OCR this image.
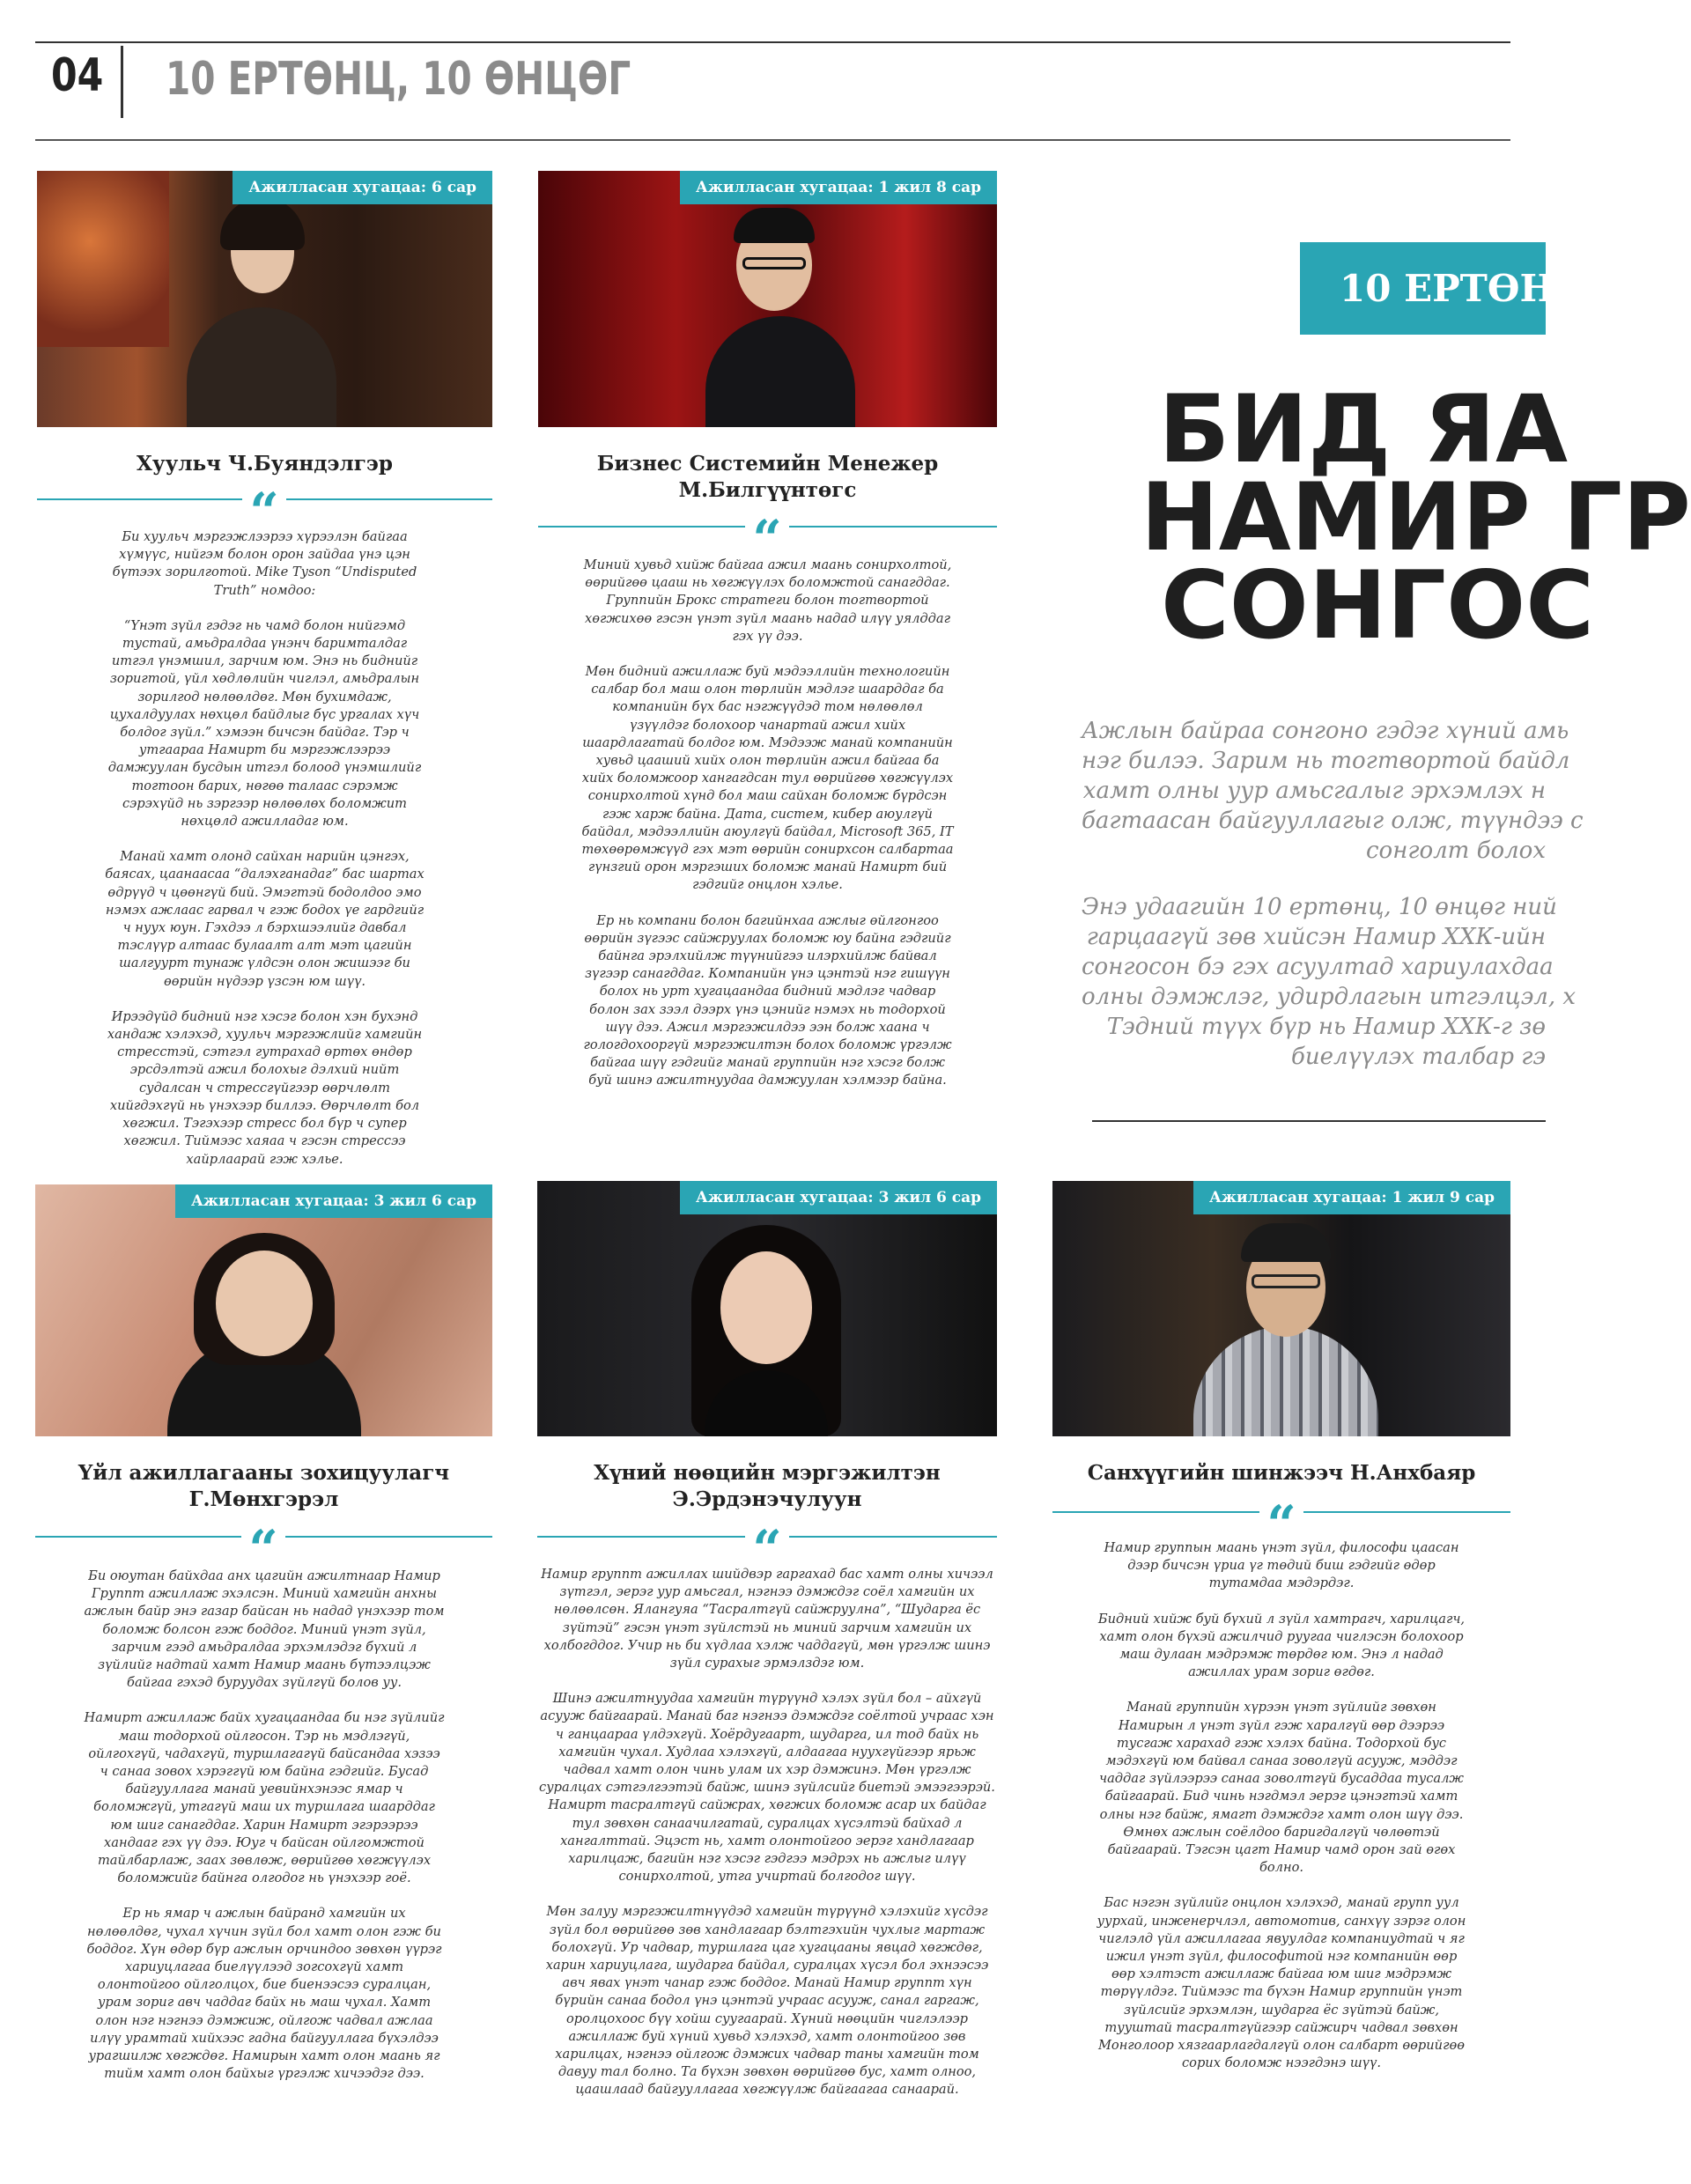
04 10 ЕРТӨНЦ, 10 ӨНЦӨГ
Ажилласан хугацаа: 6 сар
Хуульч Ч.Буяндэлгэр
“

Би хуульч мэргэжлээрээ хүрээлэн байгаа хүмүүс, нийгэм болон орон зайдаа үнэ цэн бүтээх зорилготой. Mike Tyson “Undisputed Truth” номдоо:

“Үнэт зүйл гэдэг нь чамд болон нийгэмд тустай, амьдралдаа үнэнч баримталдаг итгэл үнэмшил, зарчим юм. Энэ нь биднийг зоригтой, үйл хөдлөлийн чиглэл, амьдралын зорилгод нөлөөлдөг. Мөн бухимдаж, цухалдуулах нөхцөл байдлыг бүс ургалах хүч болдог зүйл.” хэмээн бичсэн байдаг. Тэр ч утгаараа Намирт би мэргэжлээрээ дамжуулан бусдын итгэл болоод үнэмшлийг тогтоон барих, нөгөө талаас сэрэмж сэрэхүйд нь зэргээр нөлөөлөх боломжит нөхцөлд ажилладаг юм.

Манай хамт олонд сайхан нарийн цэнгэх, баясах, цаанаасаа “далэхганадаг” бас шартах өдрүүд ч цөөнгүй бий. Эмэгтэй бодолдоо эмо нэмэх ажлаас гарвал ч гэж бодох үе гардгийг ч нуух юун. Гэхдээ л бэрхшээлийг давбал тэслүүр алтаас булаалт алт мэт цагийн шалгуурт тунаж үлдсэн олон жишээг би өөрийн нүдээр үзсэн юм шүү.

Ирээдүйд бидний нэг хэсэг болон хэн бухэнд хандаж хэлэхэд, хуульч мэргэжлийг хамгийн стресстэй, сэтгэл гутрахад өртөх өндөр эрсдэлтэй ажил болохыг дэлхий нийт судалсан ч стрессгүйгээр өөрчлөлт хийгдэхгүй нь үнэхээр биллээ. Өөрчлөлт бол хөгжил. Тэгэхээр стресс бол бүр ч супер хөгжил. Тиймээс хаяаа ч гэсэн стрессээ хайрлаарай гэж хэлье.

Ажилласан хугацаа: 1 жил 8 сар
Бизнес Системийн Менежер
М.Билгүүнтөгс
“

Миний хувьд хийж байгаа ажил маань сонирхолтой, өөрийгөө цааш нь хөгжүүлэх боломжтой санагддаг. Группийн Брокс стратеги болон тогтвортой хөгжихөө гэсэн үнэт зүйл маань надад илүү уялддаг гэх үү дээ.

Мөн бидний ажиллаж буй мэдээллийн технологийн салбар бол маш олон төрлийн мэдлэг шаарддаг ба компанийн бүх бас нэгжүүдэд том нөлөөлөл үзүүлдэг болохоор чанартай ажил хийх шаардлагатай болдог юм. Мэдээж манай компанийн хувьд цааший хийх олон төрлийн ажил байгаа ба хийх боломжоор хангагдсан тул өөрийгөө хөгжүүлэх сонирхолтой хүнд бол маш сайхан боломж бүрдсэн гэж харж байна. Дата, систем, кибер аюулгүй байдал, мэдээллийн аюулгүй байдал, Microsoft 365, IT төхөөрөмжүүд гэх мэт өөрийн сонирхсон салбартаа гүнзгий орон мэргэших боломж манай Намирт бий гэдгийг онцлон хэлье.

Ер нь компани болон багийнхаа ажлыг өйлгонгоо өөрийн зүгээс сайжруулах боломж юу байна гэдгийг байнга эрэлхийлж түүнийгээ илэрхийлж байвал зүгээр санагддаг. Компанийн үнэ цэнтэй нэг гишүүн болох нь урт хугацаандаа бидний мэдлэг чадвар болон зах зээл дээрх үнэ цэнийг нэмэх нь тодорхой шүү дээ. Ажил мэргэжилдээ ээн болж хаана ч гологдохооргүй мэргэжилтэн болох боломж үргэлж байгаа шүү гэдгийг манай группийн нэг хэсэг болж буй шинэ ажилтнуудаа дамжуулан хэлмээр байна.

10 ЕРТӨНЦ
БИД ЯА
НАМИР ГР
СОНГОС
Ажлын байраа сонгоно гэдэг хүний амь
нэг билээ. Зарим нь тогтвортой байдл
хамт олны уур амьсгалыг эрхэмлэх н
багтаасан байгууллагыг олж, түүндээ с
сонголт болох
Энэ удаагийн 10 ертөнц, 10 өнцөг ний
гарцаагүй зөв хийсэн Намир ХХК-ийн
сонгосон бэ гэх асуултад хариулахдаа
олны дэмжлэг, удирдлагын итгэлцэл, х
Тэдний түүх бүр нь Намир ХХК-г зө
биелүүлэх талбар гэ
Ажилласан хугацаа: 3 жил 6 сар
Үйл ажиллагааны зохицуулагч
Г.Мөнхгэрэл
“

Би оюутан байхдаа анх цагийн ажилтнаар Намир Группт ажиллаж эхэлсэн. Миний хамгийн анхны ажлын байр энэ газар байсан нь надад үнэхээр том боломж болсон гэж боддог. Миний үнэт зүйл, зарчим гээд амьдралдаа эрхэмлэдэг бүхий л зүйлийг надтай хамт Намир маань бүтээлцэж байгаа гэхэд буруудах зүйлгүй болов уу.

Намирт ажиллаж байх хугацаандаа би нэг зүйлийг маш тодорхой ойлгосон. Тэр нь мэдлэгүй, ойлгохгүй, чадахгүй, туршлагагүй байсандаа хэзээ ч санаа зовох хэрэггүй юм байна гэдгийг. Бусад байгууллага манай уевийнхэнээс ямар ч боломжгүй, утгагүй маш их туршлага шаарддаг юм шиг санагддаг. Харин Намирт эгэрээрээ хандааг гэх үү дээ. Юуг ч байсан ойлгомжтой тайлбарлаж, заах зөвлөж, өөрийгөө хөгжүүлэх боломжийг байнга олгодог нь үнэхээр гоё.

Ер нь ямар ч ажлын байранд хамгийн их нөлөөлдөг, чухал хүчин зүйл бол хамт олон гэж би боддог. Хүн өдөр бүр ажлын орчиндоо зөвхөн үүрэг хариуцлагаа биелүүлээд зогсохгүй хамт олонтойгоо ойлголцох, бие биенээсээ суралцан, урам зориг авч чаддаг байх нь маш чухал. Хамт олон нэг нэгнээ дэмжиж, ойлгож чадвал ажлаа илүү урамтай хийхээс гадна байгууллага бүхэлдээ урагшилж хөгждөг. Намирын хамт олон маань яг тийм хамт олон байхыг үргэлж хичээдэг дээ.

Ажилласан хугацаа: 3 жил 6 сар
Хүний нөөцийн мэргэжилтэн
Э.Эрдэнэчулуун
“

Намир группт ажиллах шийдвэр гаргахад бас хамт олны хичээл зүтгэл, эерэг уур амьсгал, нэгнээ дэмждэг соёл хамгийн их нөлөөлсөн. Ялангуяа “Тасралтгүй сайжруулна”, “Шударга ёс зүйтэй” гэсэн үнэт зүйлстэй нь миний зарчим хамгийн их холбогддог. Учир нь би хүдлаа хэлж чаддагүй, мөн үргэлж шинэ зүйл сурахыг эрмэлздэг юм.

Шинэ ажилтнуудаа хамгийн түрүүнд хэлэх зүйл бол – айхгүй асууж байгаарай. Манай баг нэгнээ дэмждэг соёлтой учраас хэн ч ганцаараа үлдэхгүй. Хоёрдугаарт, шударга, ил тод байх нь хамгийн чухал. Худлаа хэлэхгүй, алдаагаа нуухгүйгээр ярьж чадвал хамт олон чинь улам их хэр дэмжинэ. Мөн үргэлж суралцах сэтгэлгээтэй байж, шинэ зүйлсийг биетэй эмээгээрэй. Намирт тасралтгүй сайжрах, хөгжих боломж асар их байдаг тул зөвхөн санаачилгатай, суралцах хүсэлтэй байхад л хангалттай. Эцэст нь, хамт олонтойгоо эерэг хандлагаар харилцаж, багийн нэг хэсэг гэдгээ мэдрэх нь ажлыг илүү сонирхолтой, утга учиртай болгодог шүү.

Мөн залуу мэргэжилтнүүдэд хамгийн түрүүнд хэлэхийг хүсдэг зүйл бол өөрийгөө зөв хандлагаар бэлтгэхийн чухлыг мартаж болохгүй. Ур чадвар, туршлага цаг хугацааны явцад хөгждөг, харин хариуцлага, шударга байдал, суралцах хүсэл бол эхнээсээ авч явах үнэт чанар гэж боддог. Манай Намир группт хүн бүрийн санаа бодол үнэ цэнтэй учраас асууж, санал гаргаж, оролцохоос бүү хойш суугаарай. Хүний нөөцийн чиглэлээр ажиллаж буй хүний хувьд хэлэхэд, хамт олонтойгоо зөв харилцах, нэгнээ ойлгож дэмжих чадвар таны хамгийн том давуу тал болно. Та бүхэн зөвхөн өөрийгөө бус, хамт олноо, цаашлаад байгууллагаа хөгжүүлж байгаагаа санаарай.

Ажилласан хугацаа: 1 жил 9 сар
Санхүүгийн шинжээч Н.Анхбаяр
“

Намир группын маань үнэт зүйл, философи цаасан дээр бичсэн үриа үг төдий биш гэдгийг өдөр тутамдаа мэдэрдэг.

Бидний хийж буй бүхий л зүйл хамтрагч, харилцагч, хамт олон бүхэй ажилчид руугаа чиглэсэн болохоор маш дулаан мэдрэмж төрдөг юм. Энэ л надад ажиллах урам зориг өгдөг.

Манай группийн хүрээн үнэт зүйлийг зөвхөн Намирын л үнэт зүйл гэж харалгүй өөр дээрээ тусгаж харахад гэж хэлэх байна. Тодорхой бус мэдэхгүй юм байвал санаа зоволгүй асууж, мэддэг чаддаг зүйлээрээ санаа зоволтгүй бусаддаа тусалж байгаарай. Бид чинь нэгдмэл эерэг цэнэгтэй хамт олны нэг байж, ямагт дэмждэг хамт олон шүү дээ. Өмнөх ажлын соёлдоо баригдалгүй чөлөөтэй байгаарай. Тэгсэн цагт Намир чамд орон зай өгөх болно.

Бас нэгэн зүйлийг онцлон хэлэхэд, манай групп уул уурхай, инженерчлэл, автомотив, санхүү зэрэг олон чиглэлд үйл ажиллагаа явуулдаг компаниудтай ч яг ижил үнэт зүйл, философитой нэг компанийн өөр өөр хэлтэст ажиллаж байгаа юм шиг мэдрэмж төрүүлдэг. Тиймээс та бүхэн Намир группийн үнэт зүйлсийг эрхэмлэн, шударга ёс зүйтэй байж, тууштай тасралтгүйгээр сайжирч чадвал зөвхөн Монголоор хязгаарлагдалгүй олон салбарт өөрийгөө сорих боломж нээгдэнэ шүү.
